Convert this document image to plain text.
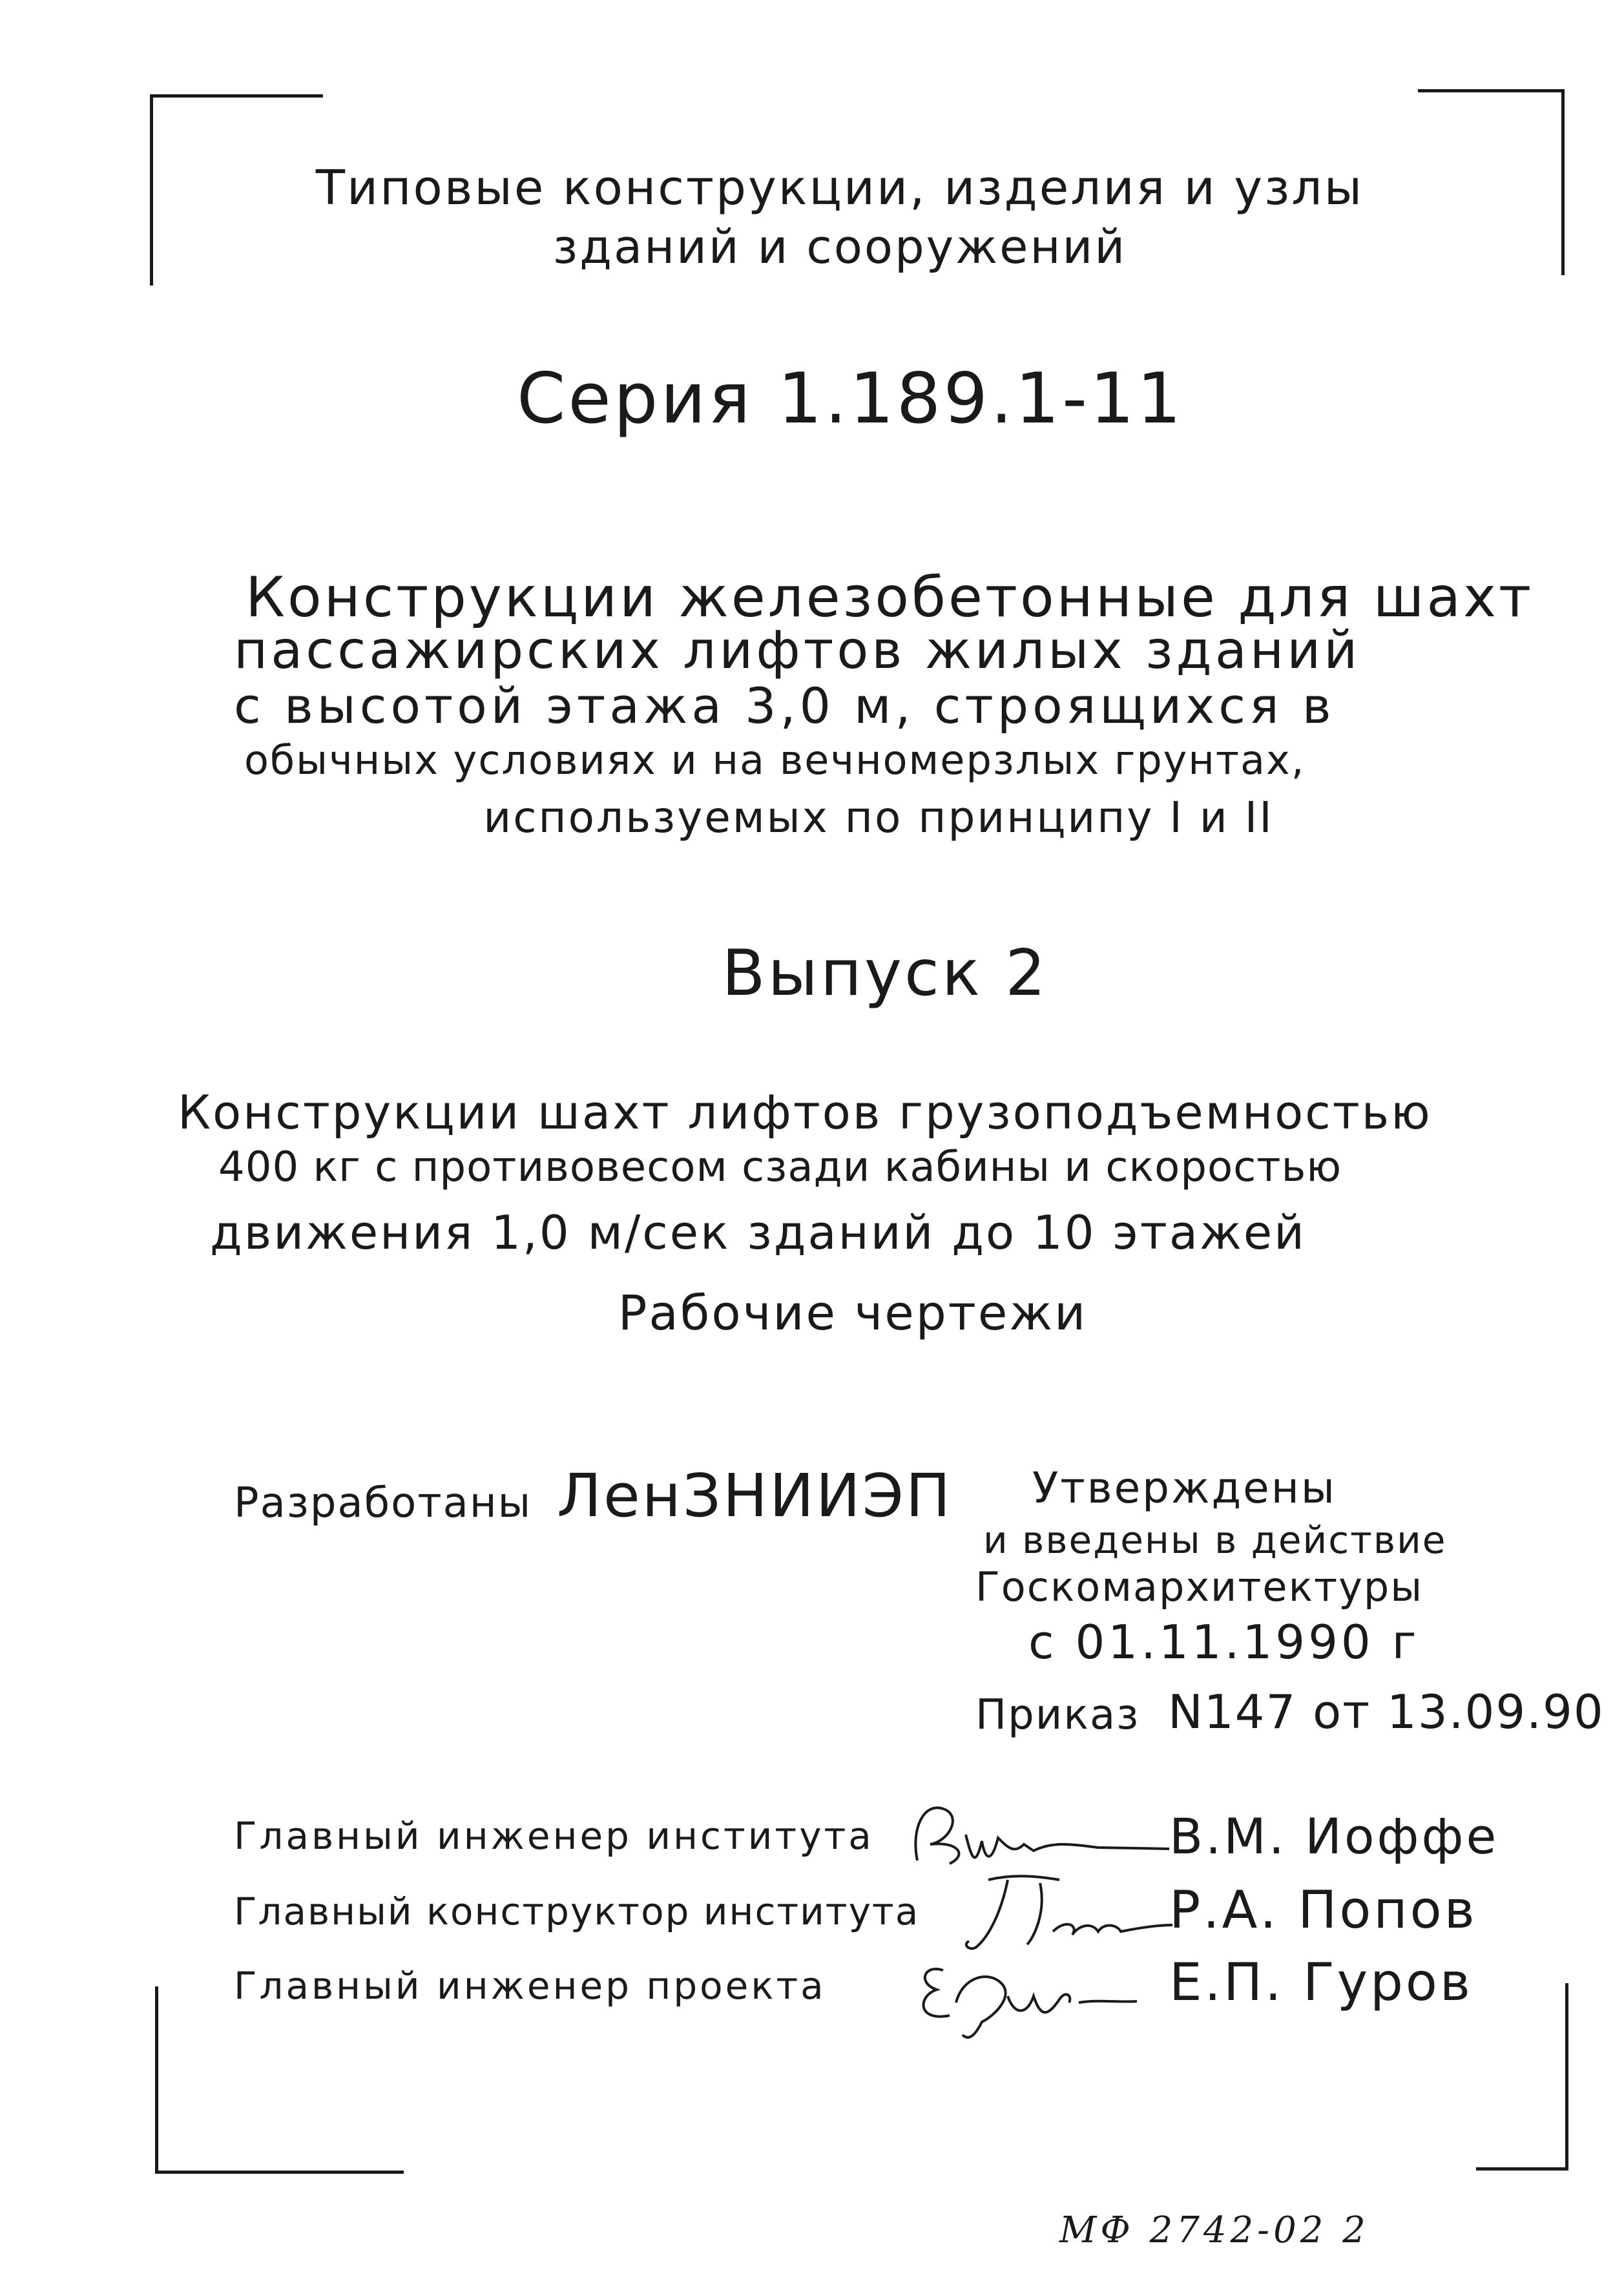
Типовые конструкции, изделия и узлы
зданий и сооружений
Серия 1.189.1-11
Конструкции железобетонные для шахт
пассажирских лифтов жилых зданий
с высотой этажа 3,0 м, строящихся в
обычных условиях и на вечномерзлых грунтах,
используемых по принципу I и II
Выпуск 2
Конструкции шахт лифтов грузоподъемностью
400 кг с противовесом сзади кабины и скоростью
движения 1,0 м/сек зданий до 10 этажей
Рабочие чертежи
Разработаны ЛенЗНИИЭП Утверждены
и введены в действие
Госкомархитектуры
с 01.11.1990 г
Приказ N147 от 13.09.90
Главный инженер института	В.М. Иоффе
Главный конструктор института	Р.А. Попов
Главный инженер проекта	Е.П. Гуров
МФ 2742-02 2
